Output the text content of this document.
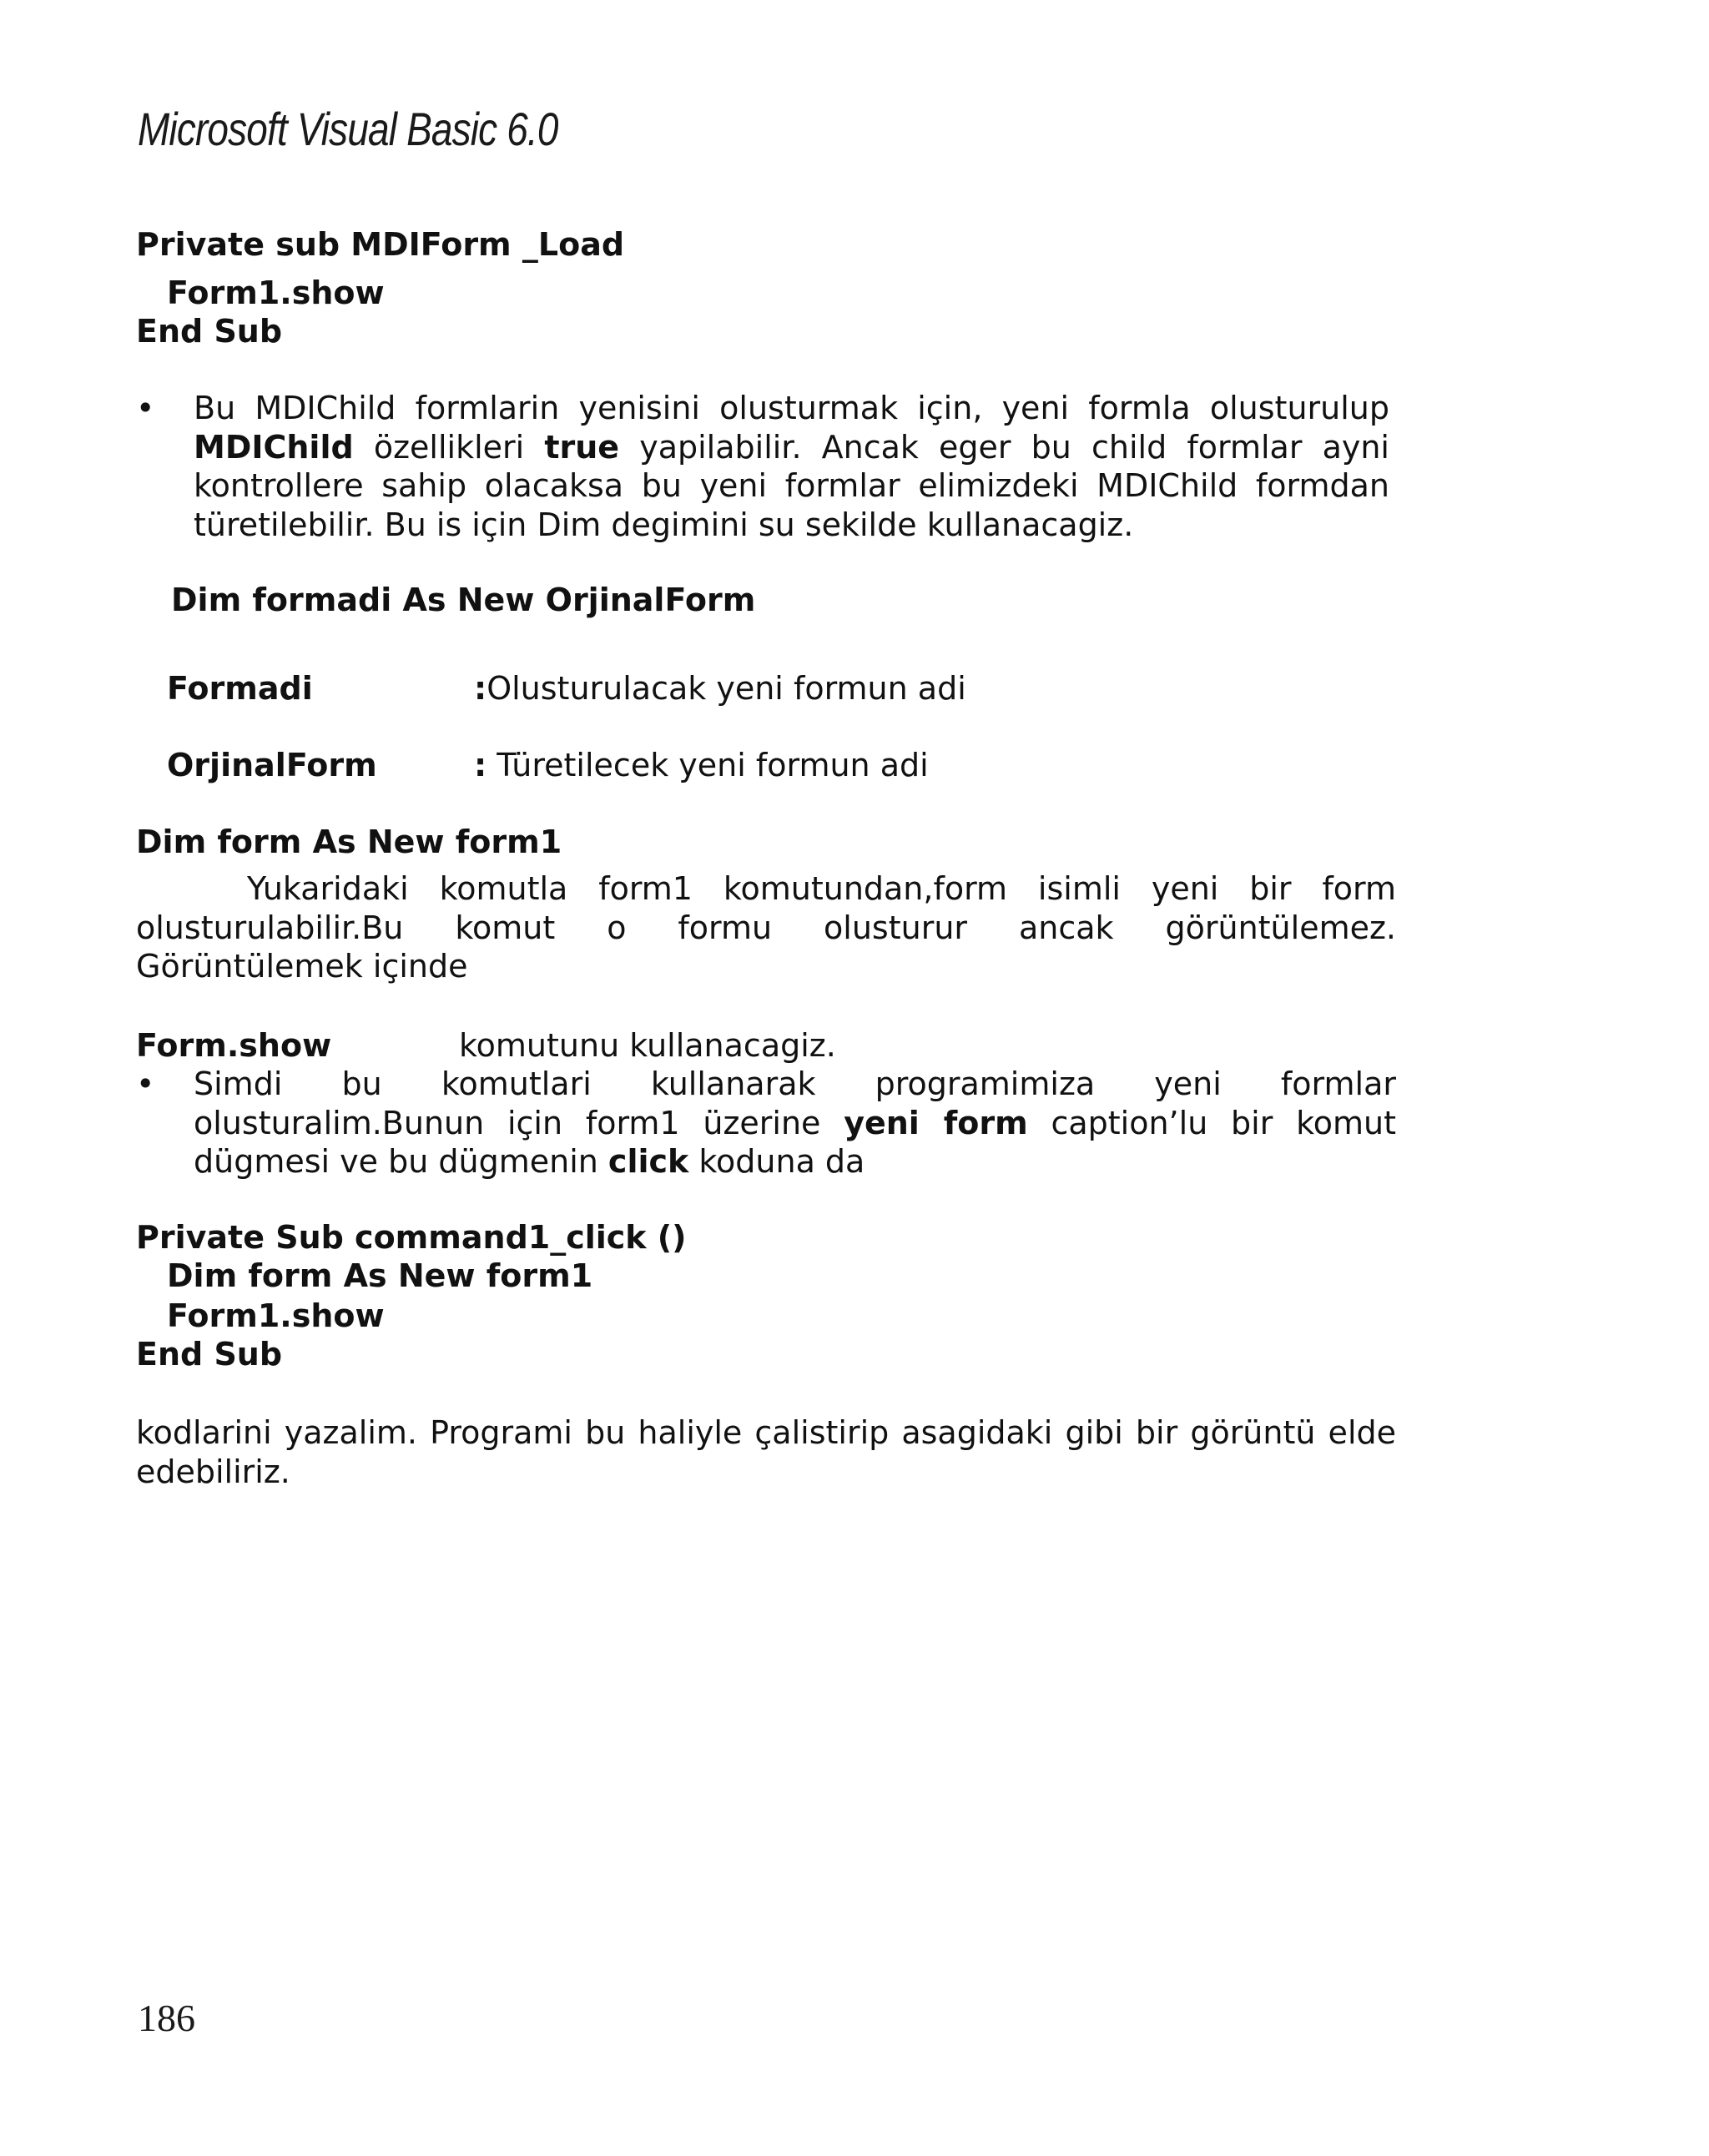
Microsoft Visual Basic 6.0
Private sub MDIForm _Load
Form1.show
End Sub
• Bu MDIChild formlarin yenisini olusturmak için, yeni formla olusturulup
MDIChild özellikleri true yapilabilir. Ancak eger bu child formlar ayni
kontrollere sahip olacaksa bu yeni formlar elimizdeki MDIChild formdan
türetilebilir. Bu is için Dim degimini su sekilde kullanacagiz.
Dim formadi As New OrjinalForm
Formadi	:Olusturulacak yeni formun adi
OrjinalForm	: Türetilecek yeni formun adi
Dim form As New form1
Yukaridaki komutla form1 komutundan,form isimli yeni bir form
olusturulabilir.Bu komut o formu olusturur ancak görüntülemez.
Görüntülemek içinde
Form.show	komutunu kullanacagiz.
• Simdi bu komutlari kullanarak programimiza yeni formlar
olusturalim.Bunun için form1 üzerine yeni form caption’lu bir komut
dügmesi ve bu dügmenin click koduna da
Private Sub command1_click ()
Dim form As New form1
Form1.show
End Sub
kodlarini yazalim. Programi bu haliyle çalistirip asagidaki gibi bir görüntü elde
edebiliriz.
186
